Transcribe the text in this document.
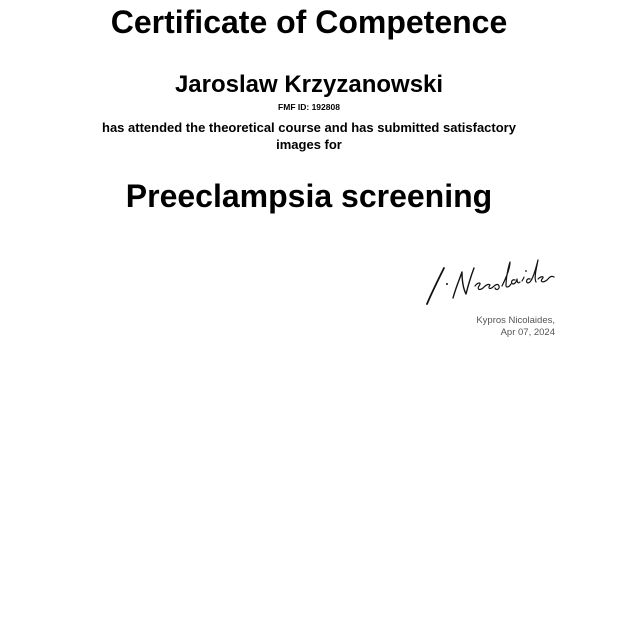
Certificate of Competence
Jaroslaw Krzyzanowski
FMF ID: 192808
has attended the theoretical course and has submitted satisfactory images for
Preeclampsia screening
Kypros Nicolaides,
Apr 07, 2024
